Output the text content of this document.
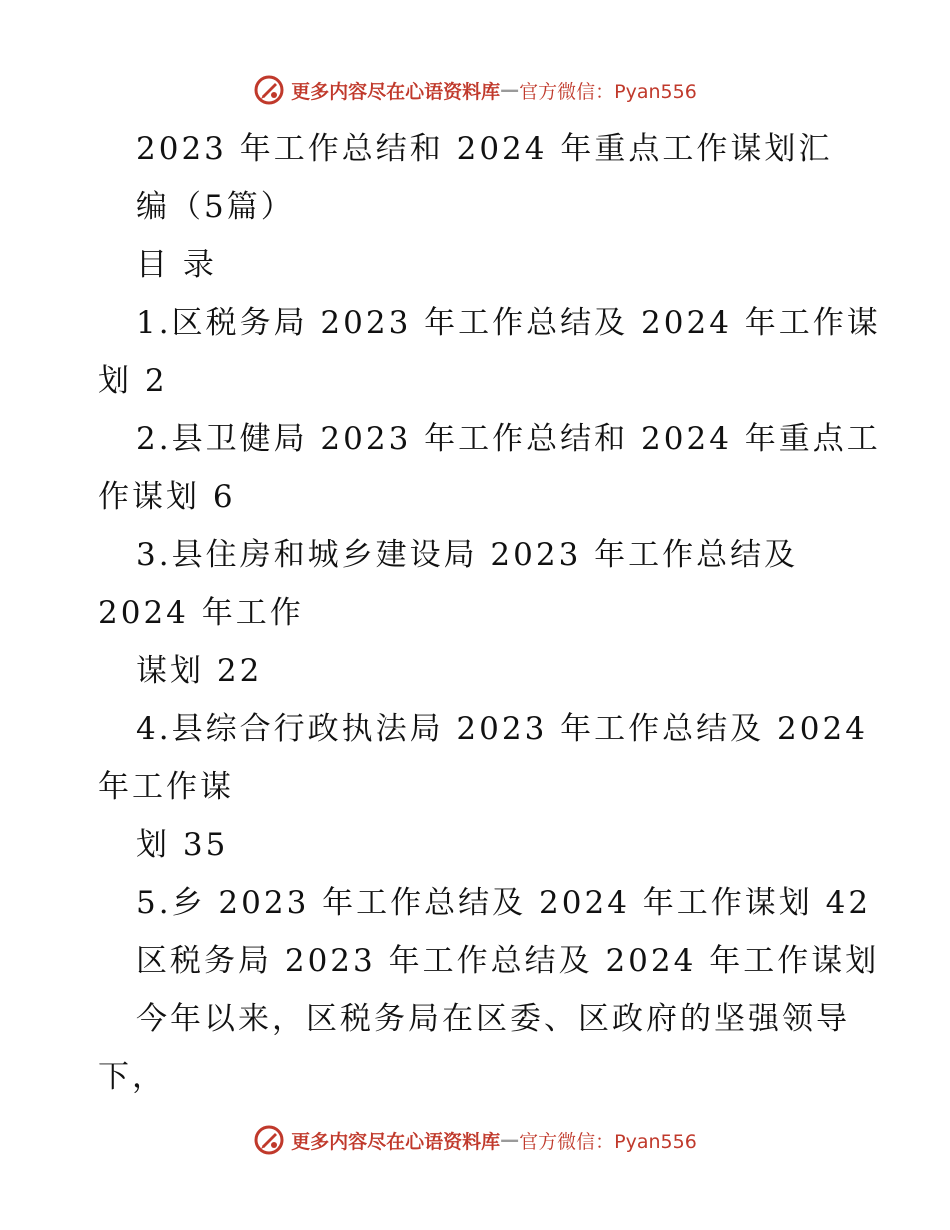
更多内容尽在心语资料库 — 官方微信：Pyan556
2023 年工作总结和 2024 年重点工作谋划汇
编（5篇）
目 录
1.区税务局 2023 年工作总结及 2024 年工作谋
划 2
2.县卫健局 2023 年工作总结和 2024 年重点工
作谋划 6
3.县住房和城乡建设局 2023 年工作总结及
2024 年工作
谋划 22
4.县综合行政执法局 2023 年工作总结及 2024
年工作谋
划 35
5.乡 2023 年工作总结及 2024 年工作谋划 42
区税务局 2023 年工作总结及 2024 年工作谋划
今年以来，区税务局在区委、区政府的坚强领导
下，
更多内容尽在心语资料库 — 官方微信：Pyan556
